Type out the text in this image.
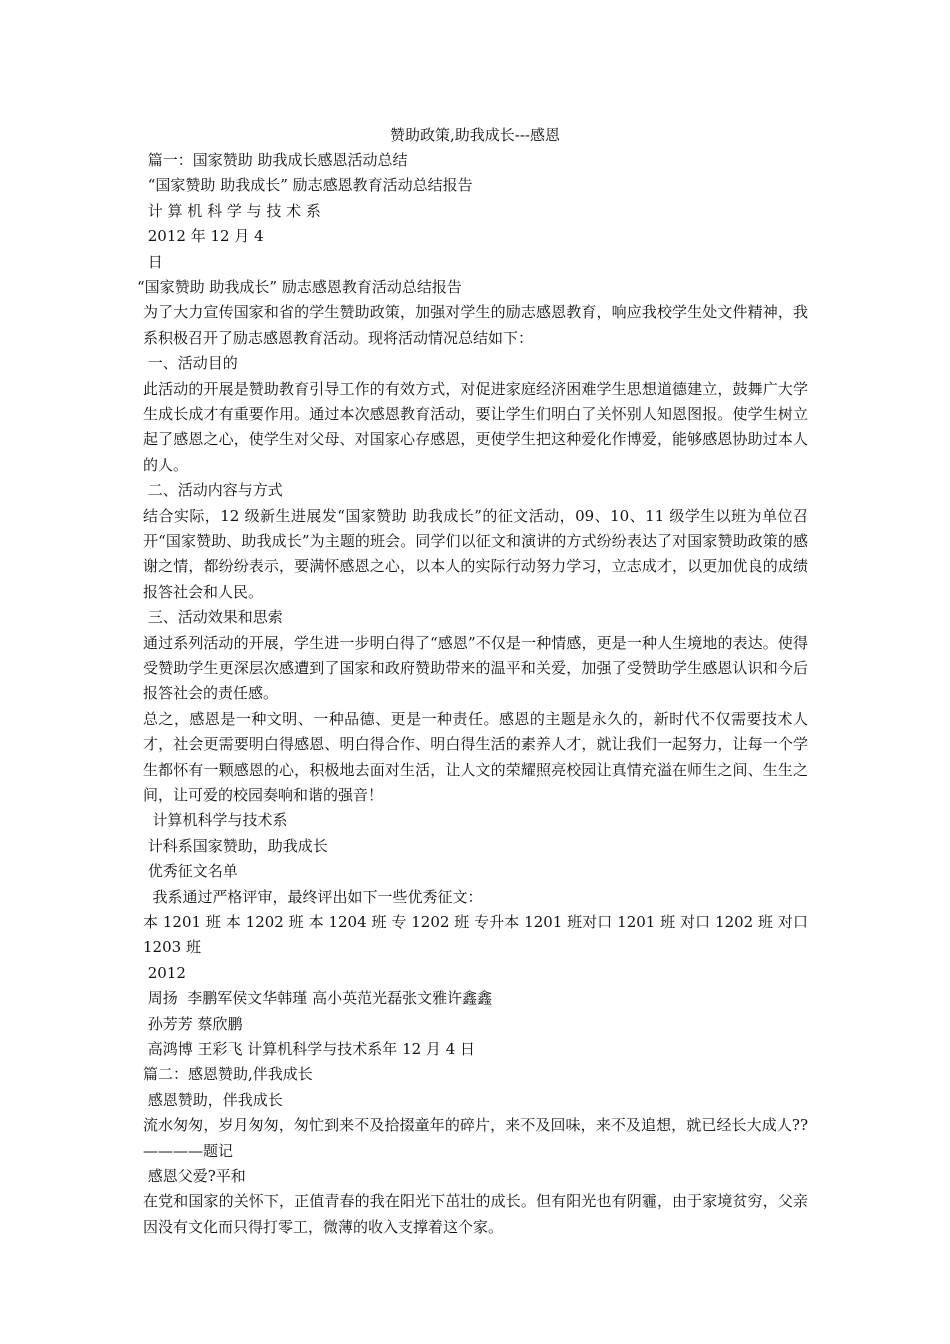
赞助政策,助我成长---感恩
篇一：国家赞助 助我成长感恩活动总结
“国家赞助 助我成长” 励志感恩教育活动总结报告
计 算 机 科 学 与 技 术 系
2012 年 12 月 4
日
“国家赞助 助我成长” 励志感恩教育活动总结报告
为了大力宣传国家和省的学生赞助政策，加强对学生的励志感恩教育，响应我校学生处文件精神，我系积极召开了励志感恩教育活动。现将活动情况总结如下：
一、活动目的
此活动的开展是赞助教育引导工作的有效方式，对促进家庭经济困难学生思想道德建立，鼓舞广大学生成长成才有重要作用。通过本次感恩教育活动，要让学生们明白了关怀别人知恩图报。使学生树立起了感恩之心，使学生对父母、对国家心存感恩，更使学生把这种爱化作博爱，能够感恩协助过本人的人。
二、活动内容与方式
结合实际，12 级新生进展发“国家赞助 助我成长”的征文活动，09、10、11 级学生以班为单位召开“国家赞助、助我成长”为主题的班会。同学们以征文和演讲的方式纷纷表达了对国家赞助政策的感谢之情，都纷纷表示，要满怀感恩之心，以本人的实际行动努力学习，立志成才，以更加优良的成绩报答社会和人民。
三、活动效果和思索
通过系列活动的开展，学生进一步明白得了“感恩”不仅是一种情感，更是一种人生境地的表达。使得受赞助学生更深层次感遭到了国家和政府赞助带来的温平和关爱，加强了受赞助学生感恩认识和今后报答社会的责任感。
总之，感恩是一种文明、一种品德、更是一种责任。感恩的主题是永久的，新时代不仅需要技术人才，社会更需要明白得感恩、明白得合作、明白得生活的素养人才，就让我们一起努力，让每一个学生都怀有一颗感恩的心，积极地去面对生活，让人文的荣耀照亮校园让真情充溢在师生之间、生生之间，让可爱的校园奏响和谐的强音！
计算机科学与技术系
计科系国家赞助，助我成长
优秀征文名单
我系通过严格评审，最终评出如下一些优秀征文：
本 1201 班 本 1202 班 本 1204 班 专 1202 班 专升本 1201 班对口 1201 班 对口 1202 班 对口 1203 班
2012
周扬  李鹏军侯文华韩瑾 高小英范光磊张文雅许鑫鑫
孙芳芳 蔡欣鹏
高鸿博 王彩飞 计算机科学与技术系年 12 月 4 日
篇二：感恩赞助,伴我成长
感恩赞助，伴我成长
流水匆匆，岁月匆匆，匆忙到来不及拾掇童年的碎片，来不及回味，来不及追想，就已经长大成人?? ————题记
感恩父爱?平和
在党和国家的关怀下，正值青春的我在阳光下茁壮的成长。但有阳光也有阴霾，由于家境贫穷，父亲因没有文化而只得打零工，微薄的收入支撑着这个家。
